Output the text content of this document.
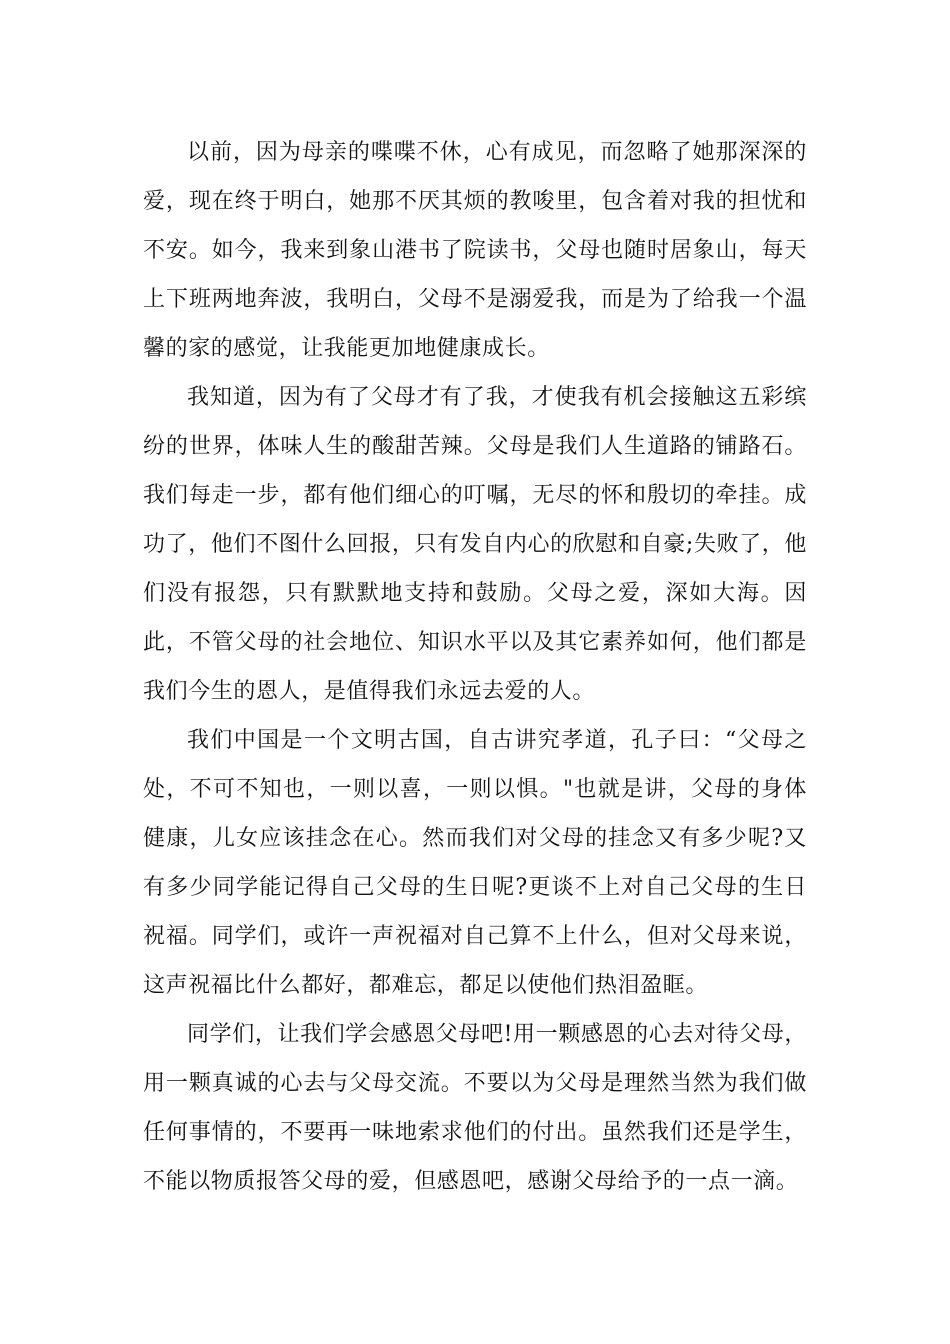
以前，因为母亲的喋喋不休，心有成见，而忽略了她那深深的爱，现在终于明白，她那不厌其烦的教唆里，包含着对我的担忧和不安。如今，我来到象山港书了院读书，父母也随时居象山，每天上下班两地奔波，我明白，父母不是溺爱我，而是为了给我一个温馨的家的感觉，让我能更加地健康成长。

我知道，因为有了父母才有了我，才使我有机会接触这五彩缤纷的世界，体味人生的酸甜苦辣。父母是我们人生道路的铺路石。我们每走一步，都有他们细心的叮嘱，无尽的怀和殷切的牵挂。成功了，他们不图什么回报，只有发自内心的欣慰和自豪;失败了，他们没有报怨，只有默默地支持和鼓励。父母之爱，深如大海。因此，不管父母的社会地位、知识水平以及其它素养如何，他们都是我们今生的恩人，是值得我们永远去爱的人。

我们中国是一个文明古国，自古讲究孝道，孔子曰：“父母之处，不可不知也，一则以喜，一则以惧。"也就是讲，父母的身体健康，儿女应该挂念在心。然而我们对父母的挂念又有多少呢?又有多少同学能记得自己父母的生日呢?更谈不上对自己父母的生日祝福。同学们，或许一声祝福对自己算不上什么，但对父母来说，这声祝福比什么都好，都难忘，都足以使他们热泪盈眶。

同学们，让我们学会感恩父母吧!用一颗感恩的心去对待父母，用一颗真诚的心去与父母交流。不要以为父母是理然当然为我们做任何事情的，不要再一味地索求他们的付出。虽然我们还是学生，不能以物质报答父母的爱，但感恩吧，感谢父母给予的一点一滴。
